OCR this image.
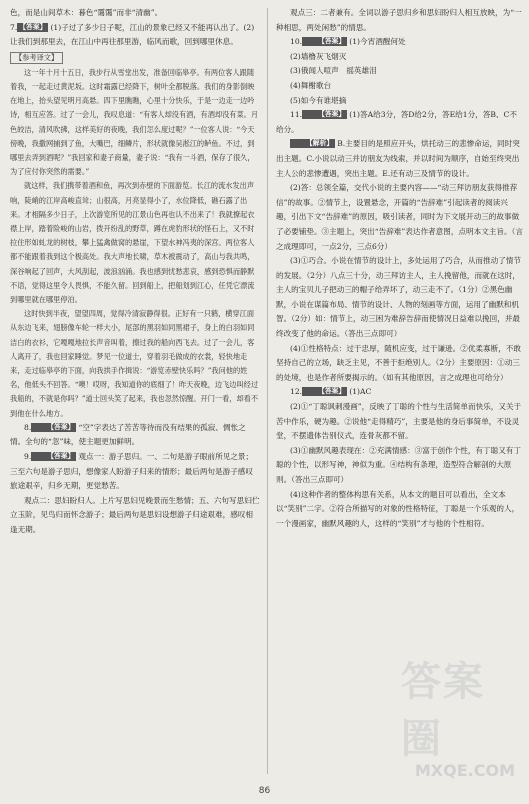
色，而是山间草木：暮色“霭霭”而非“清幽”。

7. 【答案】 (1)子过了多少日子呢，江山的景象已经又不能再认出了。(2)让我们到那里去，在江山中再往那里游，临风而歌，回到哪里休息。

【参考译文】

这一年十月十五日，我步行从雪堂出发，准备回临皋亭。有两位客人跟随着我，一起走过黄泥坂。这时霜露已经降下，树叶全都脱落。我们的身影倒映在地上，抬头望见明月高悬。四下里瞧瞧，心里十分快乐，于是一边走一边吟诗，相互应答。过了一会儿，我叹息道：“有客人却没有酒，有酒却没有菜。月色皎洁，清风吹拂，这样美好的夜晚，我们怎么度过呢？”一位客人说：“今天傍晚，我撒网捕到了鱼，大嘴巴，细鳞片，形状就像吴淞江的鲈鱼。不过，到哪里去弄到酒呢？”我回家和妻子商量，妻子说：“我有一斗酒，保存了很久，为了应付你突然的需要。”

就这样，我们携带着酒和鱼，再次到赤壁的下面游览。长江的流水发出声响，陡峭的江岸高峻直耸；山很高，月亮显得小了，水位降低，礁石露了出来。才相隔多少日子，上次游览所见的江景山色再也认不出来了！我就撩起衣襟上岸，踏着险峻的山岩，拨开纷乱的野草，蹲在虎豹形状的怪石上，又不时拉住形如虬龙的树枝，攀上猛禽做窝的悬崖，下望水神冯夷的深宫。两位客人都不能跟着我到这个极高处。我大声地长啸，草木被震动了，高山与我共鸣，深谷响起了回声，大风刮起，波浪汹涌。我也感到忧愁悲哀，感到恐惧而静默不语，觉得这里令人畏惧，不能久留。回到船上，把船划到江心，任凭它漂流到哪里就在哪里停泊。

这时快到半夜，望望四周，觉得冷清寂静得很。正好有一只鹤，横穿江面从东边飞来，翅膀像车轮一样大小，尾部的黑羽如同黑裙子，身上的白羽如同洁白的衣衫，它嘎嘎地拉长声音叫着，擦过我的船向西飞去。过了一会儿，客人离开了，我也回家睡觉。梦见一位道士，穿着羽毛做成的衣裳，轻快地走来，走过临皋亭的下面，向我拱手作揖说：“游览赤壁快乐吗？”我问他的姓名，他低头不回答。“噢！哎呀，我知道你的底细了！昨天夜晚，边飞边叫经过我船的，不就是你吗？”道士回头笑了起来，我也忽然惊醒。开门一看，却看不到他在什么地方。

8. 【答案】 “空”字表达了苦苦等待而没有结果的孤寂、惆怅之情。全句的“忽”味，使主题更加鲜明。

9. 【答案】 观点一：游子思归。一、二句是游子眼前所见之景；三至六句是游子思归，想像家人盼游子归来的情形；最后两句是游子感叹旅途艰辛，归乡无期，更觉愁苦。

观点二：思妇盼归人。上片写思妇见晚景而生愁情；五、六句写思妇伫立玉阶，见鸟归而怀念游子；最后两句是思妇设想游子归途艰难，感叹相逢无期。

观点三：二者兼有。全词以游子思归乡和思妇盼归人相互放映，为“一种相思，两处闲愁”的情思。

10. 【答案】 (1)今宵酒醒何处

(2)墙橹灰飞烟灭

(3)俄闻人喧声　摇英雄泪

(4)舞榭歌台

(5)如今有谁堪摘

11. 【答案】 (1)答A给3分，答D给2分，答E给1分，答B、C不给分。

【解析】 B.主要目的是照应开头，烘托动三的悲惨命运，同时突出主题。C.小说以动三并访朋友为线索，并以时间为顺序，自始至终突出主人公的悲惨遭遇，突出主题。E.还有动三及情节的设计。

(2)答：总领全篇，交代小说的主要内容——“动三拜访朋友获得推荐信”的故事。②情节上，设置悬念，开篇的“告辞难”引起读者的阅读兴趣，引出下文“告辞难”的原因，吸引读者，同时为下文展开动三的故事做了必要铺垫。③主题上，突出“告辞难”表达作者意图，点明本文主旨。（言之成理即可，一点2分，三点6分）

(3)①巧合。小说在情节的设计上，多处运用了巧合，从而推动了情节的发展。（2分）八点三十分，动三拜访主人，主人挽留他，而就在这时，主人的宝贝儿子把动三的帽子给弄坏了，动三走不了。（1分）②黑色幽默，小说在谋篇布局、情节的设计、人物的刻画等方面，运用了幽默和机智。（2分）如：情节上，动三困为难辞告辞而使情况日益难以挽回，并最终改变了他的命运。（答出三点即可）

(4)①性格特点：过于忠厚，随机应变，过于谦逊。②优柔寡断，不敢坚持自己的立场，缺乏主见，不善于拒绝别人。（2分）主要原因：①动三的处境，也是作者所要揭示的。（如有其他原因，言之成理也可给分）

12. 【答案】 (1)AC

(2)①“丁聪讽刺漫画”，反映了丁聪的个性与生活简单而快乐，又关于苦中作乐，硬为趣。②说他“走得精巧”，主要是他的身后事简单，不设灵堂，不摆遗体告别仪式，连骨灰都不留。

(3)①幽默风趣表现在：②充满情感：③富于创作个性，有丁聪又有丁聪的个性，以形写神，神似为重。④结构有条理，造型符合解剖的大原则。（答出三点即可）

(4)这种作者的整体构思有关系，从本文的题目可以看出，全文本以“笑别”二字。②符合所描写的对象的性格特征，丁聪是一个乐观的人，一个漫画家，幽默风趣的人，这样的“笑别”才与他的个性相符。

86
答案圈
MXQE.COM
